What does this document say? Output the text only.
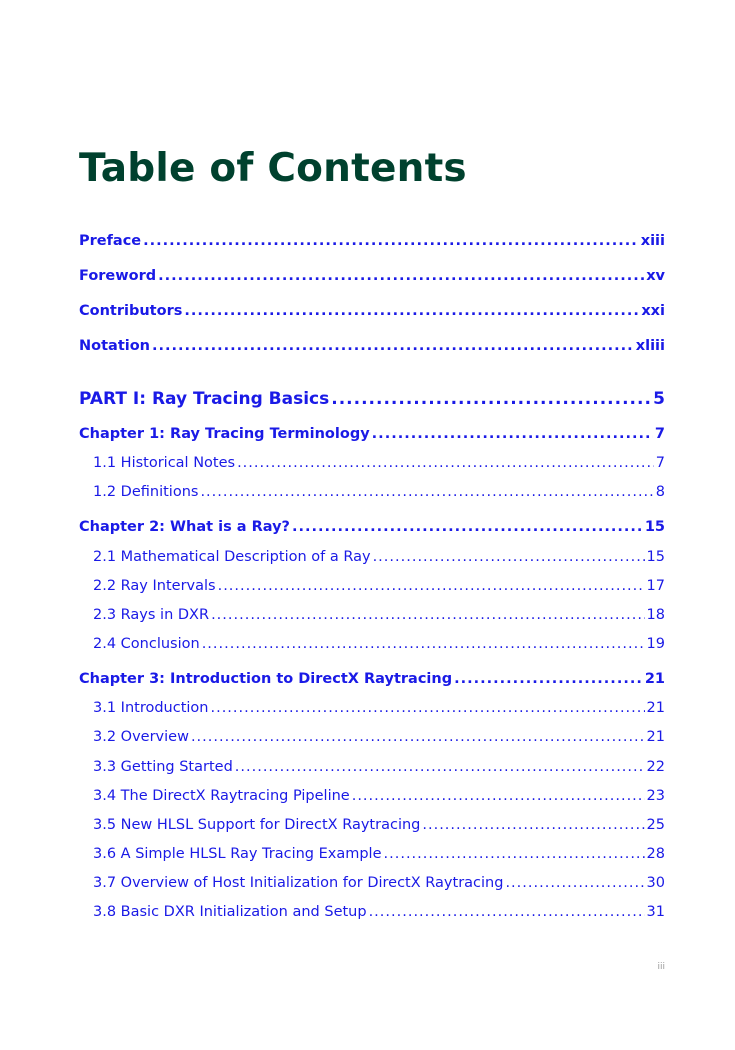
Table of Contents
Preface .....	xiii
Foreword .....	xv
Contributors .....	xxi
Notation .....	xliii
PART I: Ray Tracing Basics .....	5
Chapter 1: Ray Tracing Terminology .....	7
1.1 Historical Notes .....	7
1.2 Definitions .....	8
Chapter 2: What is a Ray? .....	15
2.1 Mathematical Description of a Ray .....	15
2.2 Ray Intervals .....	17
2.3 Rays in DXR .....	18
2.4 Conclusion .....	19
Chapter 3: Introduction to DirectX Raytracing .....	21
3.1 Introduction .....	21
3.2 Overview .....	21
3.3 Getting Started .....	22
3.4 The DirectX Raytracing Pipeline .....	23
3.5 New HLSL Support for DirectX Raytracing .....	25
3.6 A Simple HLSL Ray Tracing Example .....	28
3.7 Overview of Host Initialization for DirectX Raytracing .....	30
3.8 Basic DXR Initialization and Setup .....	31
iii
